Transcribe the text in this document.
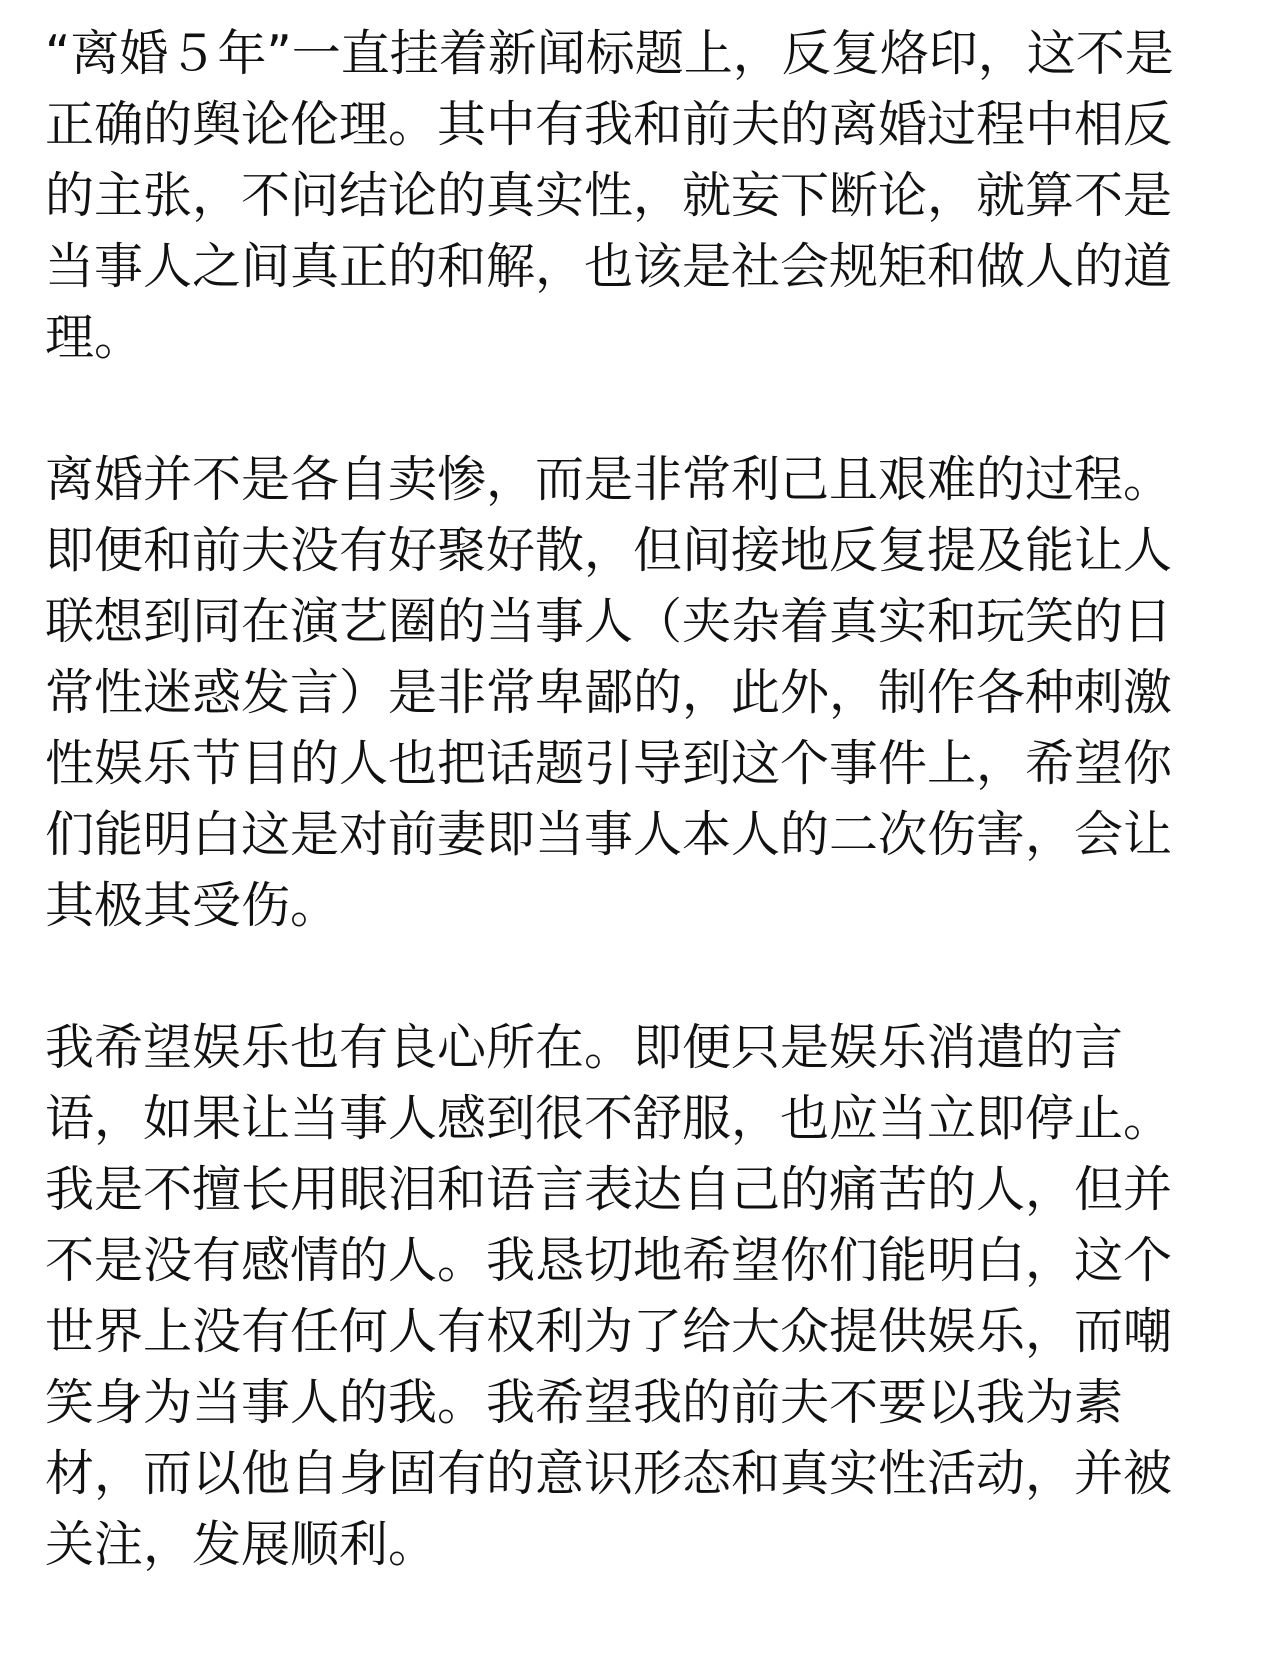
“离婚５年”一直挂着新闻标题上，反复烙印，这不是
正确的舆论伦理。其中有我和前夫的离婚过程中相反
的主张，不问结论的真实性，就妄下断论，就算不是
当事人之间真正的和解，也该是社会规矩和做人的道
理。
离婚并不是各自卖惨，而是非常利己且艰难的过程。
即便和前夫没有好聚好散，但间接地反复提及能让人
联想到同在演艺圈的当事人（夹杂着真实和玩笑的日
常性迷惑发言）是非常卑鄙的，此外，制作各种刺激
性娱乐节目的人也把话题引导到这个事件上，希望你
们能明白这是对前妻即当事人本人的二次伤害，会让
其极其受伤。
我希望娱乐也有良心所在。即便只是娱乐消遣的言
语，如果让当事人感到很不舒服，也应当立即停止。
我是不擅长用眼泪和语言表达自己的痛苦的人，但并
不是没有感情的人。我恳切地希望你们能明白，这个
世界上没有任何人有权利为了给大众提供娱乐，而嘲
笑身为当事人的我。我希望我的前夫不要以我为素
材，而以他自身固有的意识形态和真实性活动，并被
关注，发展顺利。
